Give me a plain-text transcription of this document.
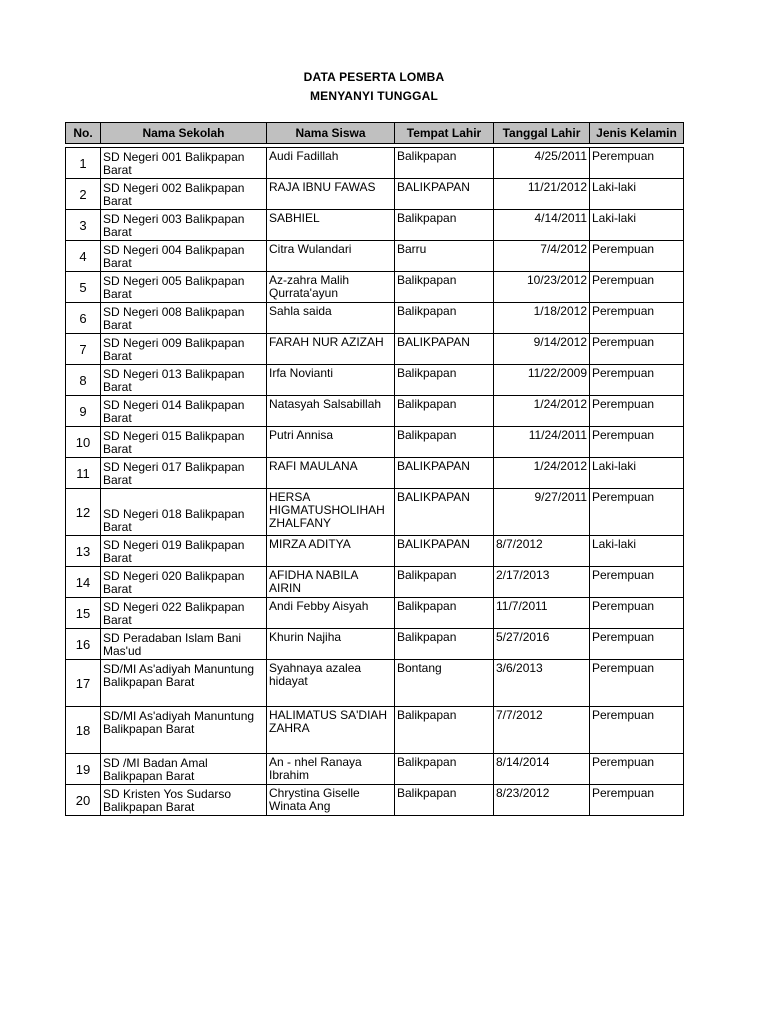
DATA PESERTA LOMBA
MENYANYI TUNGGAL
No.	Nama Sekolah	Nama Siswa	Tempat Lahir	Tanggal Lahir	Jenis Kelamin

1	SD Negeri 001 Balikpapan Barat	Audi Fadillah	Balikpapan	4/25/2011	Perempuan
2	SD Negeri 002 Balikpapan Barat	RAJA IBNU FAWAS	BALIKPAPAN	11/21/2012	Laki-laki
3	SD Negeri 003 Balikpapan Barat	SABHIEL	Balikpapan	4/14/2011	Laki-laki
4	SD Negeri 004 Balikpapan Barat	Citra Wulandari	Barru	7/4/2012	Perempuan
5	SD Negeri 005 Balikpapan Barat	Az-zahra Malih Qurrata'ayun	Balikpapan	10/23/2012	Perempuan
6	SD Negeri 008 Balikpapan Barat	Sahla saida	Balikpapan	1/18/2012	Perempuan
7	SD Negeri 009 Balikpapan Barat	FARAH NUR AZIZAH	BALIKPAPAN	9/14/2012	Perempuan
8	SD Negeri 013 Balikpapan Barat	Irfa Novianti	Balikpapan	11/22/2009	Perempuan
9	SD Negeri 014 Balikpapan Barat	Natasyah Salsabillah	Balikpapan	1/24/2012	Perempuan
10	SD Negeri 015 Balikpapan Barat	Putri Annisa	Balikpapan	11/24/2011	Perempuan
11	SD Negeri 017 Balikpapan Barat	RAFI MAULANA	BALIKPAPAN	1/24/2012	Laki-laki
12	SD Negeri 018 Balikpapan Barat	HERSA HIGMATUSHOLIHAH ZHALFANY	BALIKPAPAN	9/27/2011	Perempuan
13	SD Negeri 019 Balikpapan Barat	MIRZA ADITYA	BALIKPAPAN	8/7/2012	Laki-laki
14	SD Negeri 020 Balikpapan Barat	AFIDHA NABILA AIRIN	Balikpapan	2/17/2013	Perempuan
15	SD Negeri 022 Balikpapan Barat	Andi Febby Aisyah	Balikpapan	11/7/2011	Perempuan
16	SD Peradaban Islam Bani Mas'ud	Khurin Najiha	Balikpapan	5/27/2016	Perempuan
17	SD/MI As'adiyah Manuntung Balikpapan Barat	Syahnaya azalea hidayat	Bontang	3/6/2013	Perempuan
18	SD/MI As'adiyah Manuntung Balikpapan Barat	HALIMATUS SA'DIAH ZAHRA	Balikpapan	7/7/2012	Perempuan
19	SD /MI Badan Amal Balikpapan Barat	An - nhel Ranaya Ibrahim	Balikpapan	8/14/2014	Perempuan
20	SD Kristen Yos Sudarso Balikpapan Barat	Chrystina Giselle Winata Ang	Balikpapan	8/23/2012	Perempuan
